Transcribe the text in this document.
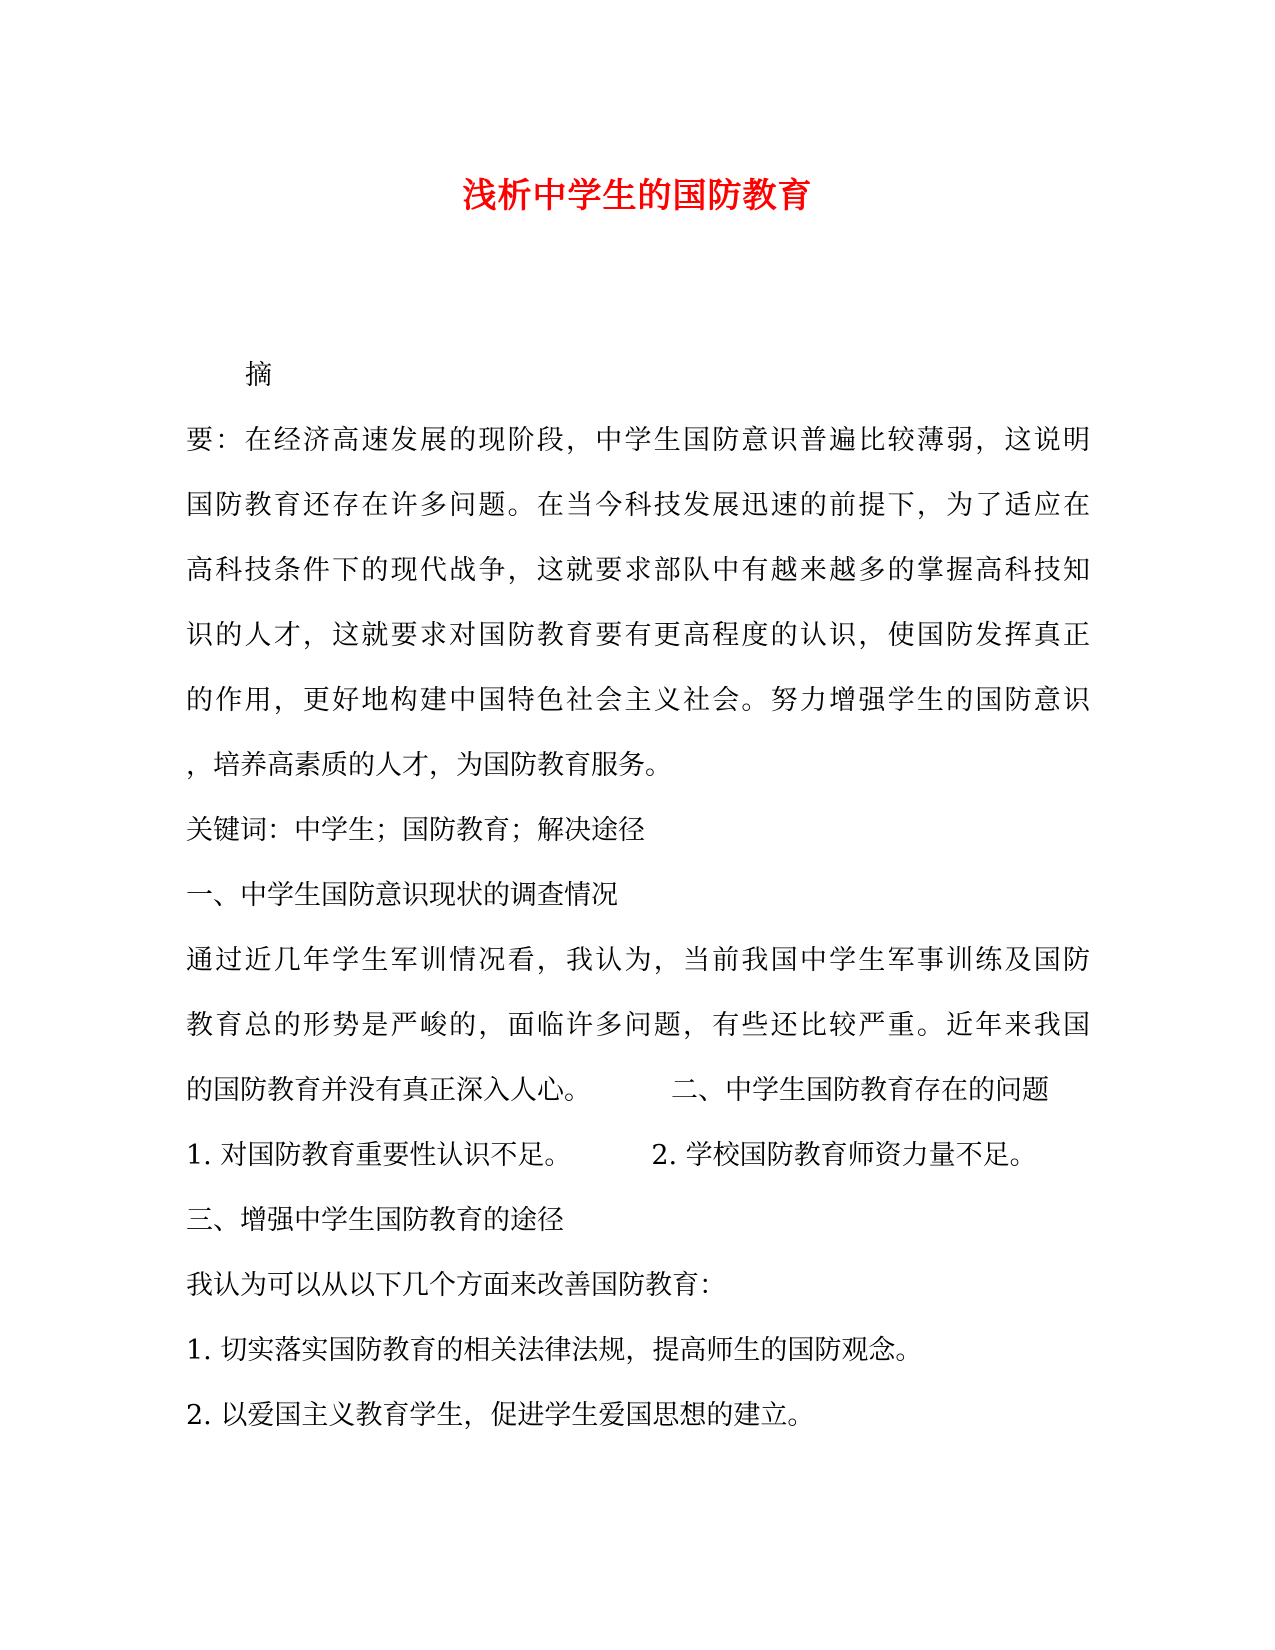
浅析中学生的国防教育
摘
要：在经济高速发展的现阶段，中学生国防意识普遍比较薄弱，这说明
国防教育还存在许多问题。在当今科技发展迅速的前提下，为了适应在
高科技条件下的现代战争，这就要求部队中有越来越多的掌握高科技知
识的人才，这就要求对国防教育要有更高程度的认识，使国防发挥真正
的作用，更好地构建中国特色社会主义社会。努力增强学生的国防意识
，培养高素质的人才，为国防教育服务。
关键词：中学生；国防教育；解决途径
一、中学生国防意识现状的调查情况
通过近几年学生军训情况看，我认为，当前我国中学生军事训练及国防
教育总的形势是严峻的，面临许多问题，有些还比较严重。近年来我国
的国防教育并没有真正深入人心。	二、中学生国防教育存在的问题
1. 对国防教育重要性认识不足。	2. 学校国防教育师资力量不足。
三、增强中学生国防教育的途径
我认为可以从以下几个方面来改善国防教育：
1. 切实落实国防教育的相关法律法规，提高师生的国防观念。
2. 以爱国主义教育学生，促进学生爱国思想的建立。
